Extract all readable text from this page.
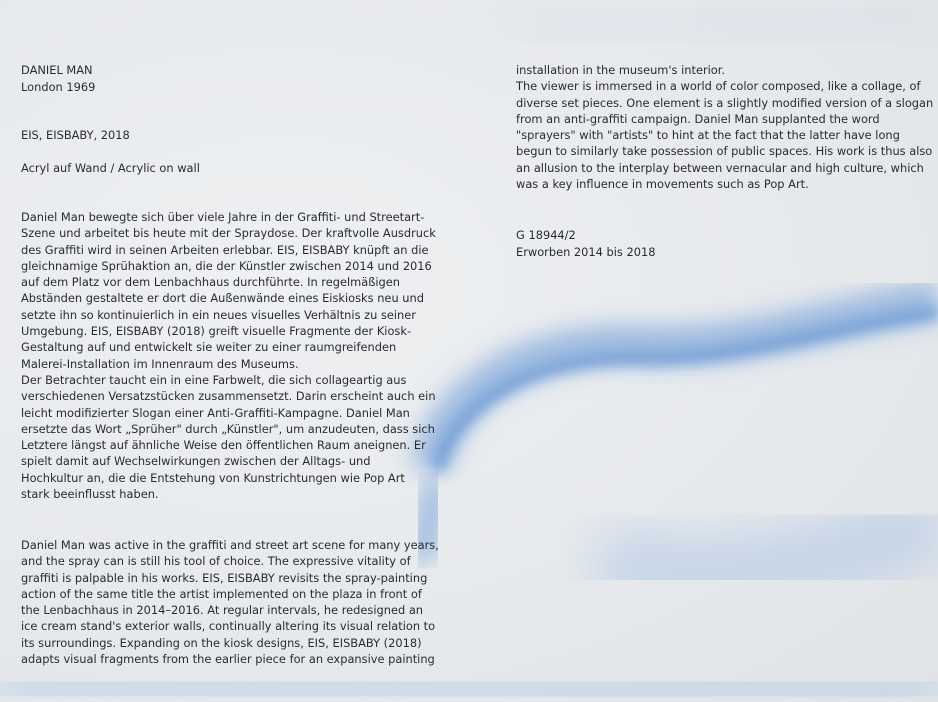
DANIEL MAN
London 1969
EIS, EISBABY, 2018
Acryl auf Wand / Acrylic on wall
Daniel Man bewegte sich über viele Jahre in der Graffiti- und Streetart-
Szene und arbeitet bis heute mit der Spraydose. Der kraftvolle Ausdruck
des Graffiti wird in seinen Arbeiten erlebbar. EIS, EISBABY knüpft an die
gleichnamige Sprühaktion an, die der Künstler zwischen 2014 und 2016
auf dem Platz vor dem Lenbachhaus durchführte. In regelmäßigen
Abständen gestaltete er dort die Außenwände eines Eiskiosks neu und
setzte ihn so kontinuierlich in ein neues visuelles Verhältnis zu seiner
Umgebung. EIS, EISBABY (2018) greift visuelle Fragmente der Kiosk-
Gestaltung auf und entwickelt sie weiter zu einer raumgreifenden
Malerei-Installation im Innenraum des Museums.
Der Betrachter taucht ein in eine Farbwelt, die sich collageartig aus
verschiedenen Versatzstücken zusammensetzt. Darin erscheint auch ein
leicht modifizierter Slogan einer Anti-Graffiti-Kampagne. Daniel Man
ersetzte das Wort „Sprüher" durch „Künstler", um anzudeuten, dass sich
Letztere längst auf ähnliche Weise den öffentlichen Raum aneignen. Er
spielt damit auf Wechselwirkungen zwischen der Alltags- und
Hochkultur an, die die Entstehung von Kunstrichtungen wie Pop Art
stark beeinflusst haben.
Daniel Man was active in the graffiti and street art scene for many years,
and the spray can is still his tool of choice. The expressive vitality of
graffiti is palpable in his works. EIS, EISBABY revisits the spray-painting
action of the same title the artist implemented on the plaza in front of
the Lenbachhaus in 2014–2016. At regular intervals, he redesigned an
ice cream stand's exterior walls, continually altering its visual relation to
its surroundings. Expanding on the kiosk designs, EIS, EISBABY (2018)
adapts visual fragments from the earlier piece for an expansive painting
installation in the museum's interior.
The viewer is immersed in a world of color composed, like a collage, of
diverse set pieces. One element is a slightly modified version of a slogan
from an anti-graffiti campaign. Daniel Man supplanted the word
"sprayers" with "artists" to hint at the fact that the latter have long
begun to similarly take possession of public spaces. His work is thus also
an allusion to the interplay between vernacular and high culture, which
was a key influence in movements such as Pop Art.
G 18944/2
Erworben 2014 bis 2018
